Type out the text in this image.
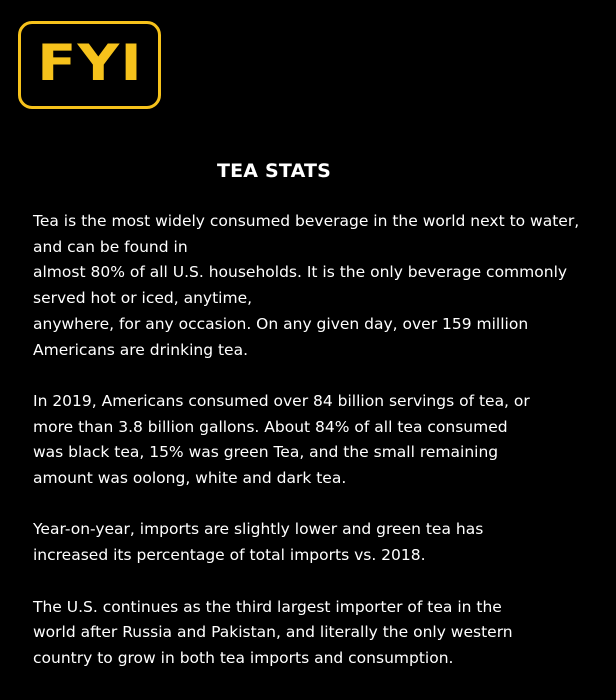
FYI
TEA STATS

Tea is the most widely consumed beverage in the world next to water,
and can be found in
almost 80% of all U.S. households. It is the only beverage commonly
served hot or iced, anytime,
anywhere, for any occasion. On any given day, over 159 million
Americans are drinking tea.

In 2019, Americans consumed over 84 billion servings of tea, or
more than 3.8 billion gallons. About 84% of all tea consumed
was black tea, 15% was green Tea, and the small remaining
amount was oolong, white and dark tea.

Year-on-year, imports are slightly lower and green tea has
increased its percentage of total imports vs. 2018.

The U.S. continues as the third largest importer of tea in the
world after Russia and Pakistan, and literally the only western
country to grow in both tea imports and consumption.
